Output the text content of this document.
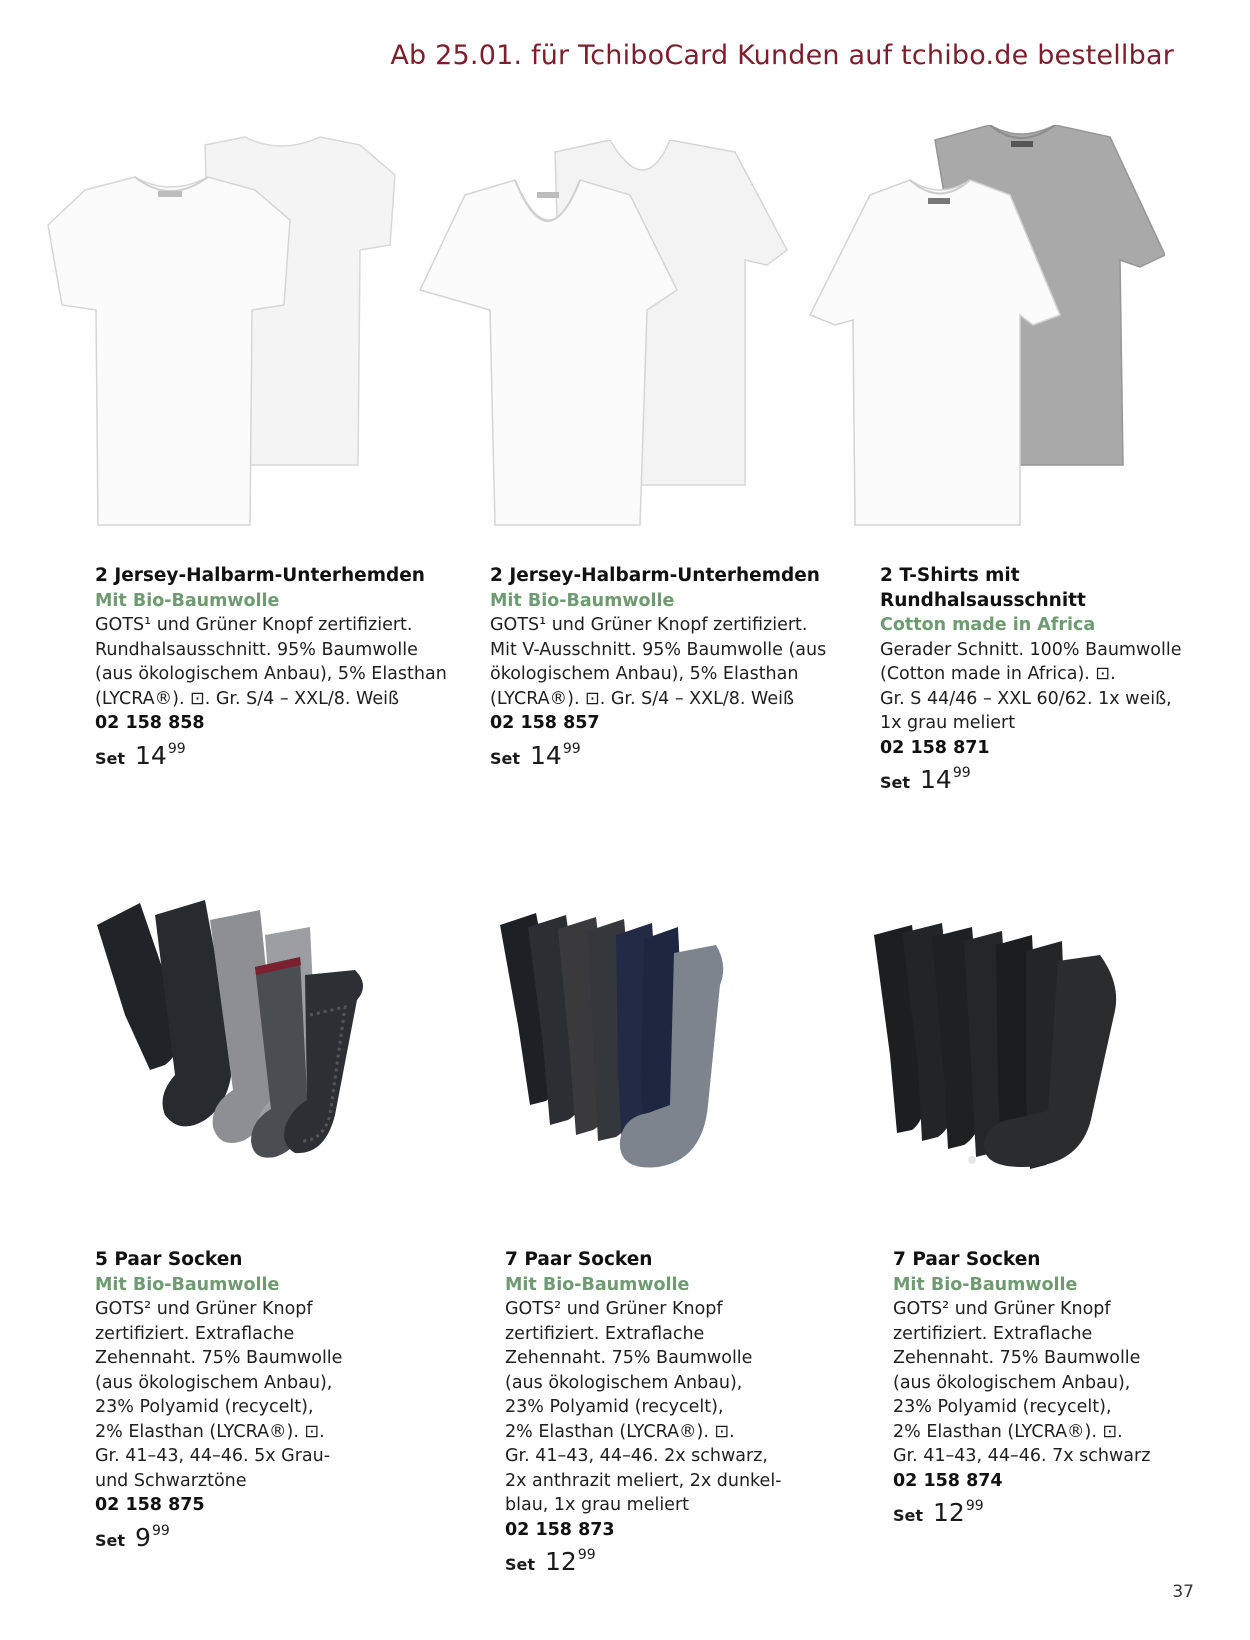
Ab 25.01. für TchiboCard Kunden auf tchibo.de bestellbar
2 Jersey-Halbarm-Unterhemden
Mit Bio-Baumwolle
GOTS¹ und Grüner Knopf zertifiziert.
Rundhalsausschnitt. 95% Baumwolle
(aus ökologischem Anbau), 5% Elasthan
(LYCRA®). ⊡. Gr. S/4 – XXL/8. Weiß
02 158 858
Set 14 99
2 Jersey-Halbarm-Unterhemden
Mit Bio-Baumwolle
GOTS¹ und Grüner Knopf zertifiziert.
Mit V-Ausschnitt. 95% Baumwolle (aus
ökologischem Anbau), 5% Elasthan
(LYCRA®). ⊡. Gr. S/4 – XXL/8. Weiß
02 158 857
Set 14 99
2 T-Shirts mit
Rundhalsausschnitt
Cotton made in Africa
Gerader Schnitt. 100% Baumwolle
(Cotton made in Africa). ⊡.
Gr. S 44/46 – XXL 60/62. 1x weiß,
1x grau meliert
02 158 871
Set 14 99
5 Paar Socken
Mit Bio-Baumwolle
GOTS² und Grüner Knopf
zertifiziert. Extraflache
Zehennaht. 75% Baumwolle
(aus ökologischem Anbau),
23% Polyamid (recycelt),
2% Elasthan (LYCRA®). ⊡.
Gr. 41–43, 44–46. 5x Grau-
und Schwarztöne
02 158 875
Set 9 99
7 Paar Socken
Mit Bio-Baumwolle
GOTS² und Grüner Knopf
zertifiziert. Extraflache
Zehennaht. 75% Baumwolle
(aus ökologischem Anbau),
23% Polyamid (recycelt),
2% Elasthan (LYCRA®). ⊡.
Gr. 41–43, 44–46. 2x schwarz,
2x anthrazit meliert, 2x dunkel-
blau, 1x grau meliert
02 158 873
Set 12 99
7 Paar Socken
Mit Bio-Baumwolle
GOTS² und Grüner Knopf
zertifiziert. Extraflache
Zehennaht. 75% Baumwolle
(aus ökologischem Anbau),
23% Polyamid (recycelt),
2% Elasthan (LYCRA®). ⊡.
Gr. 41–43, 44–46. 7x schwarz
02 158 874
Set 12 99
37
